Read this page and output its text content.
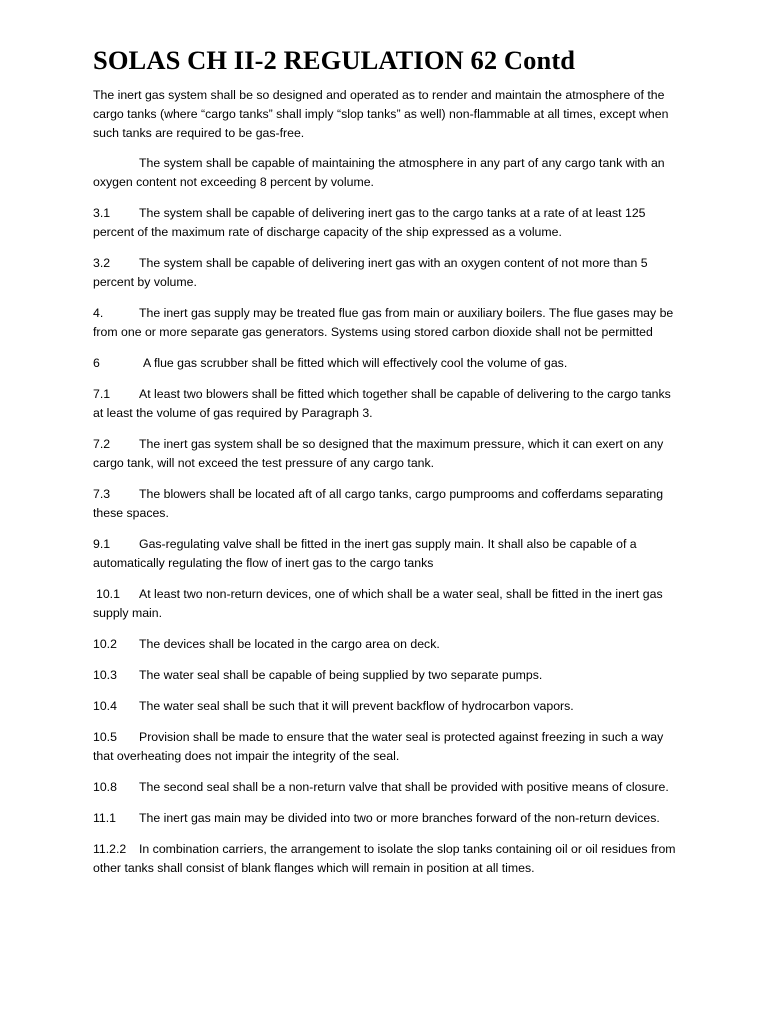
SOLAS CH II-2 REGULATION 62 Contd

The inert gas system shall be so designed and operated as to render and maintain the atmosphere of the cargo tanks (where “cargo tanks” shall imply “slop tanks” as well) non-flammable at all times, except when such tanks are required to be gas-free.

The system shall be capable of maintaining the atmosphere in any part of any cargo tank with an oxygen content not exceeding 8 percent by volume.

3.1 The system shall be capable of delivering inert gas to the cargo tanks at a rate of at least 125 percent of the maximum rate of discharge capacity of the ship expressed as a volume.

3.2 The system shall be capable of delivering inert gas with an oxygen content of not more than 5 percent by volume.

4.	The inert gas supply may be treated flue gas from main or auxiliary boilers. The flue gases may be from one or more separate gas generators. Systems using stored carbon dioxide shall not be permitted

6	A flue gas scrubber shall be fitted which will effectively cool the volume of gas.

7.1 At least two blowers shall be fitted which together shall be capable of delivering to the cargo tanks at least the volume of gas required by Paragraph 3.

7.2 The inert gas system shall be so designed that the maximum pressure, which it can exert on any cargo tank, will not exceed the test pressure of any cargo tank.

7.3 The blowers shall be located aft of all cargo tanks, cargo pumprooms and cofferdams separating these spaces.

9.1 Gas-regulating valve shall be fitted in the inert gas supply main. It shall also be capable of a automatically regulating the flow of inert gas to the cargo tanks

10.1 At least two non-return devices, one of which shall be a water seal, shall be fitted in the inert gas supply main.

10.2 The devices shall be located in the cargo area on deck.

10.3 The water seal shall be capable of being supplied by two separate pumps.

10.4 The water seal shall be such that it will prevent backflow of hydrocarbon vapors.

10.5 Provision shall be made to ensure that the water seal is protected against freezing in such a way that overheating does not impair the integrity of the seal.

10.8 The second seal shall be a non-return valve that shall be provided with positive means of closure.

11.1 The inert gas main may be divided into two or more branches forward of the non-return devices.

11.2.2 In combination carriers, the arrangement to isolate the slop tanks containing oil or oil residues from other tanks shall consist of blank flanges which will remain in position at all times.
